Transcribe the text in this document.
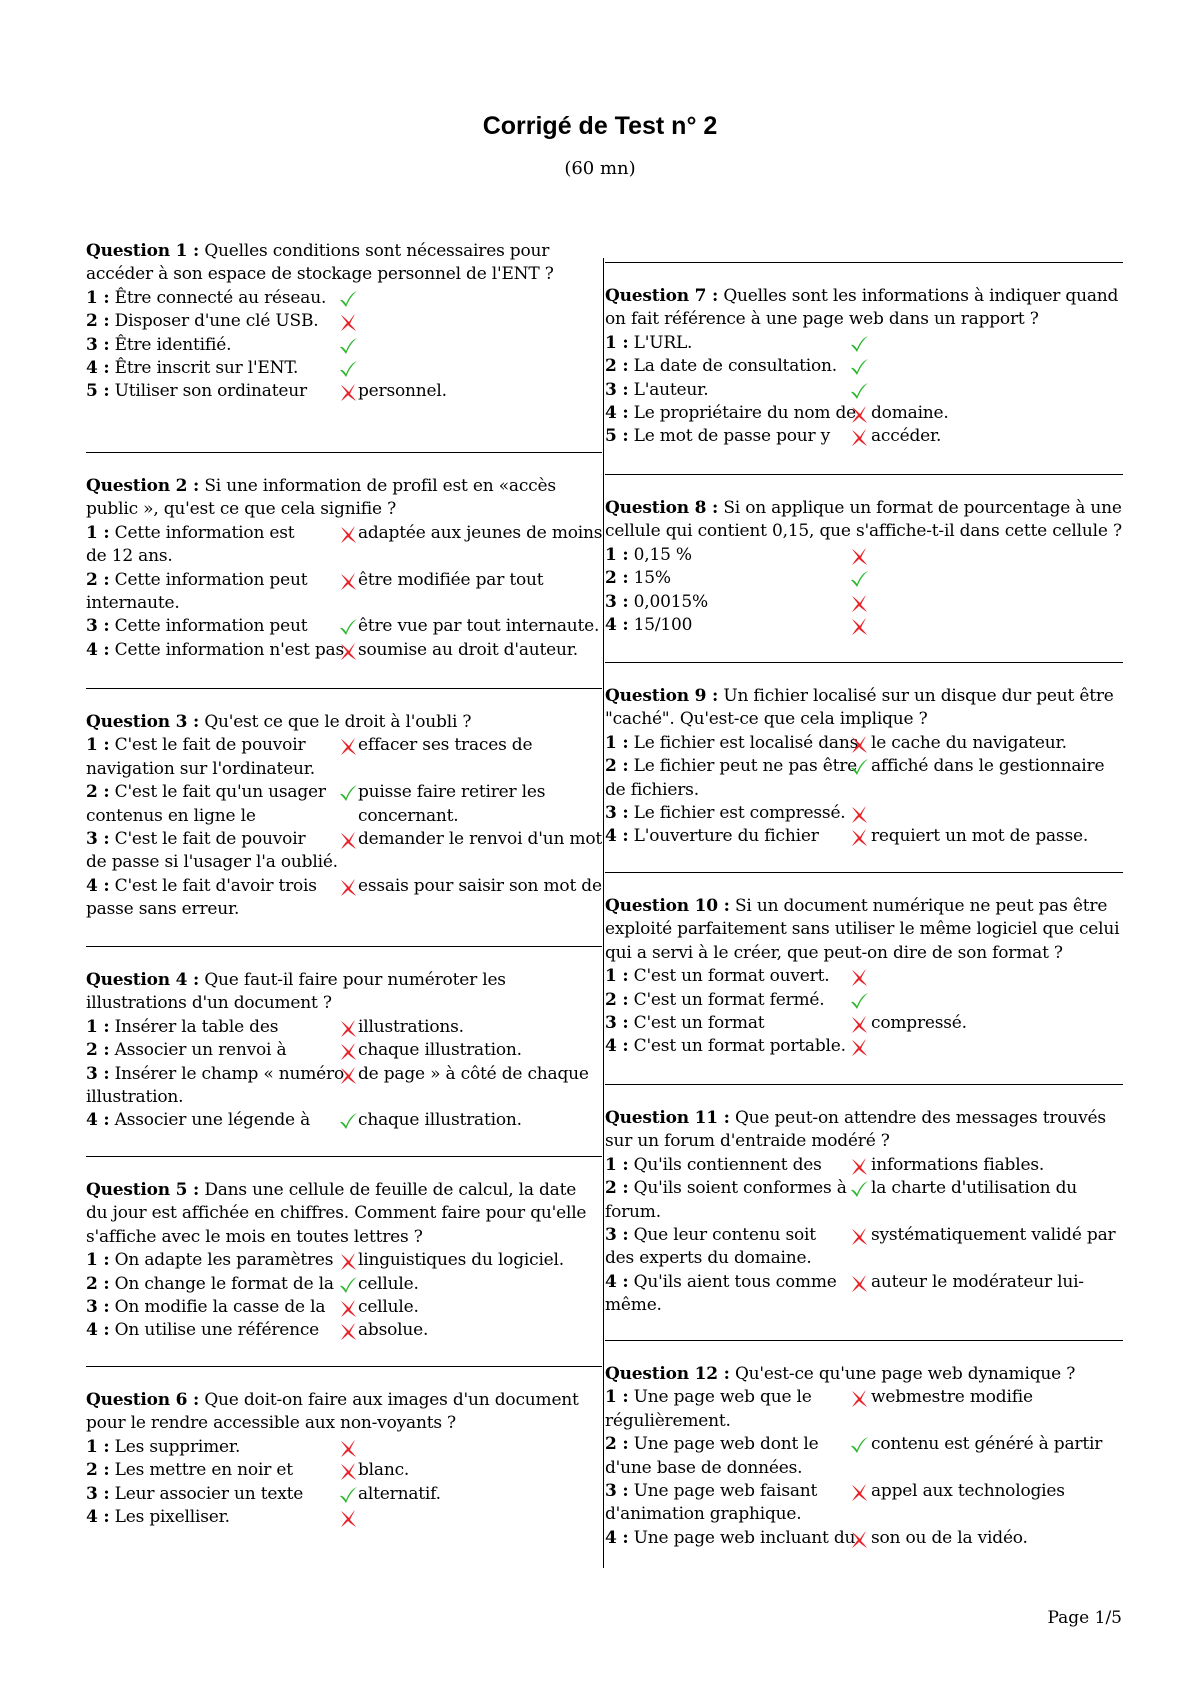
Corrigé de Test n° 2
(60 mn)

Question 1 : Quelles conditions sont nécessaires pour accéder à son espace de stockage personnel de l'ENT ?

1 : Être connecté au réseau.
2 : Disposer d'une clé USB.
3 : Être identifié.
4 : Être inscrit sur l'ENT.
5 : Utiliser son ordinateur	personnel.

Question 2 : Si une information de profil est en «accès public », qu'est ce que cela signifie ?

1 : Cette information est	adaptée aux jeunes de moins
de 12 ans.
2 : Cette information peut	être modifiée par tout
internaute.
3 : Cette information peut	être vue par tout internaute.
4 : Cette information n'est pas soumise au droit d'auteur.

Question 3 : Qu'est ce que le droit à l'oubli ?

1 : C'est le fait de pouvoir	effacer ses traces de
navigation sur l'ordinateur.
2 : C'est le fait qu'un usager puisse faire retirer les
contenus en ligne le	concernant.
3 : C'est le fait de pouvoir	demander le renvoi d'un mot
de passe si l'usager l'a oublié.
4 : C'est le fait d'avoir trois essais pour saisir son mot de
passe sans erreur.

Question 4 : Que faut-il faire pour numéroter les illustrations d'un document ?

1 : Insérer la table des	illustrations.
2 : Associer un renvoi à	chaque illustration.
3 : Insérer le champ « numéro de page » à côté de chaque
illustration.
4 : Associer une légende à	chaque illustration.

Question 5 : Dans une cellule de feuille de calcul, la date du jour est affichée en chiffres. Comment faire pour qu'elle s'affiche avec le mois en toutes lettres ?

1 : On adapte les paramètres linguistiques du logiciel.
2 : On change le format de la cellule.
3 : On modifie la casse de la cellule.
4 : On utilise une référence absolue.

Question 6 : Que doit-on faire aux images d'un document pour le rendre accessible aux non-voyants ?

1 : Les supprimer.
2 : Les mettre en noir et	blanc.
3 : Leur associer un texte	alternatif.
4 : Les pixelliser.

Question 7 : Quelles sont les informations à indiquer quand on fait référence à une page web dans un rapport ?

1 : L'URL.
2 : La date de consultation.
3 : L'auteur.
4 : Le propriétaire du nom de domaine.
5 : Le mot de passe pour y accéder.

Question 8 : Si on applique un format de pourcentage à une cellule qui contient 0,15, que s'affiche-t-il dans cette cellule ?

1 : 0,15 %
2 : 15%
3 : 0,0015%
4 : 15/100

Question 9 : Un fichier localisé sur un disque dur peut être "caché". Qu'est-ce que cela implique ?

1 : Le fichier est localisé dans le cache du navigateur.
2 : Le fichier peut ne pas être affiché dans le gestionnaire
de fichiers.
3 : Le fichier est compressé.
4 : L'ouverture du fichier	requiert un mot de passe.

Question 10 : Si un document numérique ne peut pas être exploité parfaitement sans utiliser le même logiciel que celui qui a servi à le créer, que peut-on dire de son format ?

1 : C'est un format ouvert.
2 : C'est un format fermé.
3 : C'est un format	compressé.
4 : C'est un format portable.

Question 11 : Que peut-on attendre des messages trouvés sur un forum d'entraide modéré ?

1 : Qu'ils contiennent des	informations fiables.
2 : Qu'ils soient conformes à la charte d'utilisation du
forum.
3 : Que leur contenu soit	systématiquement validé par
des experts du domaine.
4 : Qu'ils aient tous comme auteur le modérateur lui-
même.

Question 12 : Qu'est-ce qu'une page web dynamique ?

1 : Une page web que le	webmestre modifie
régulièrement.
2 : Une page web dont le	contenu est généré à partir
d'une base de données.
3 : Une page web faisant	appel aux technologies
d'animation graphique.
4 : Une page web incluant du son ou de la vidéo.
Page 1/5
